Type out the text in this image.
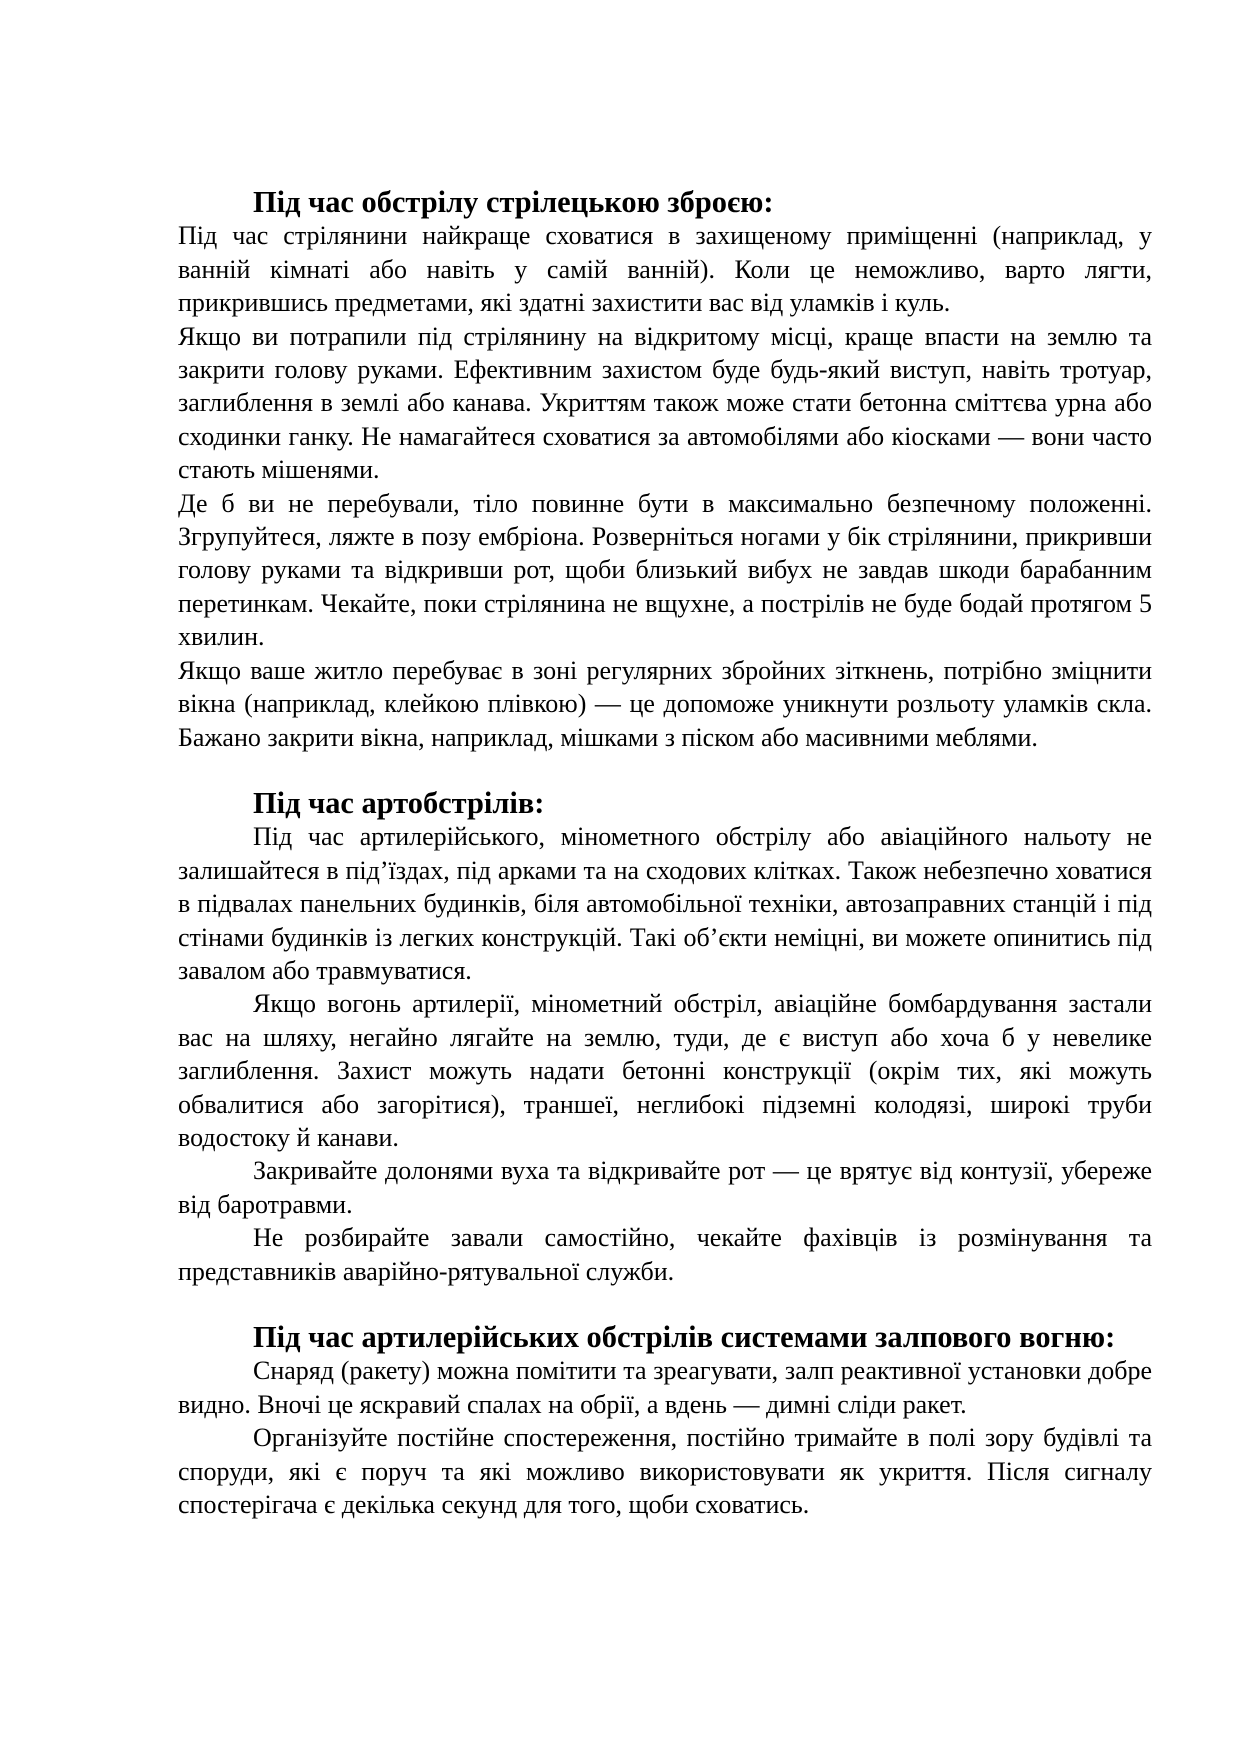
Під час обстрілу стрілецькою зброєю:

Під час стрілянини найкраще сховатися в захищеному приміщенні (наприклад, у ванній кімнаті або навіть у самій ванній). Коли це неможливо, варто лягти, прикрившись предметами, які здатні захистити вас від уламків і куль.

Якщо ви потрапили під стрілянину на відкритому місці, краще впасти на землю та закрити голову руками. Ефективним захистом буде будь-який виступ, навіть тротуар, заглиблення в землі або канава. Укриттям також може стати бетонна сміттєва урна або сходинки ганку. Не намагайтеся сховатися за автомобілями або кіосками — вони часто стають мішенями.

Де б ви не перебували, тіло повинне бути в максимально безпечному положенні. Згрупуйтеся, ляжте в позу ембріона. Розверніться ногами у бік стрілянини, прикривши голову руками та відкривши рот, щоби близький вибух не завдав шкоди барабанним перетинкам. Чекайте, поки стрілянина не вщухне, а пострілів не буде бодай протягом 5 хвилин.

Якщо ваше житло перебуває в зоні регулярних збройних зіткнень, потрібно зміцнити вікна (наприклад, клейкою плівкою) — це допоможе уникнути розльоту уламків скла. Бажано закрити вікна, наприклад, мішками з піском або масивними меблями.

Під час артобстрілів:

Під час артилерійського, мінометного обстрілу або авіаційного нальоту не залишайтеся в під’їздах, під арками та на сходових клітках. Також небезпечно ховатися в підвалах панельних будинків, біля автомобільної техніки, автозаправних станцій і під стінами будинків із легких конструкцій. Такі об’єкти неміцні, ви можете опинитись під завалом або травмуватися.

Якщо вогонь артилерії, мінометний обстріл, авіаційне бомбардування застали вас на шляху, негайно лягайте на землю, туди, де є виступ або хоча б у невелике заглиблення. Захист можуть надати бетонні конструкції (окрім тих, які можуть обвалитися або загорітися), траншеї, неглибокі підземні колодязі, широкі труби водостоку й канави.

Закривайте долонями вуха та відкривайте рот — це врятує від контузії, убереже від баротравми.

Не розбирайте завали самостійно, чекайте фахівців із розмінування та представників аварійно-рятувальної служби.

Під час артилерійських обстрілів системами залпового вогню:

Снаряд (ракету) можна помітити та зреагувати, залп реактивної установки добре видно. Вночі це яскравий спалах на обрії, а вдень — димні сліди ракет.

Організуйте постійне спостереження, постійно тримайте в полі зору будівлі та споруди, які є поруч та які можливо використовувати як укриття. Після сигналу спостерігача є декілька секунд для того, щоби сховатись.
